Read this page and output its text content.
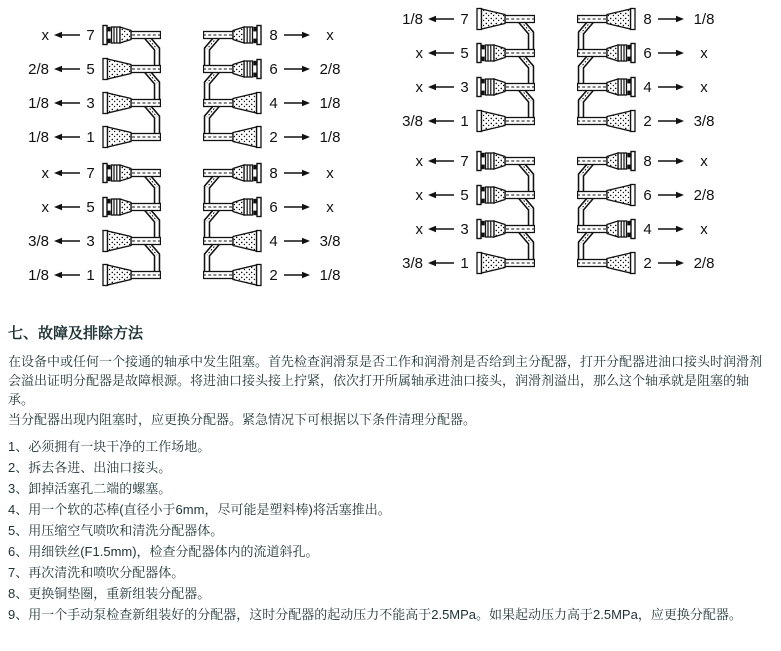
x 7
2/8 5
1/8 3
1/8 1
8	x
6	2/8
4	1/8
2	1/8
x 7
x 5
3/8 3
1/8 1
8	x
6	x
4	3/8
2	1/8
1/8 7
x 5
x 3
3/8 1
8	1/8
6	x
4	x
2	3/8
x 7
x 5
x 3
3/8 1
8	x
6	2/8
4	x
2	2/8
七、故障及排除方法

在设备中或任何一个接通的轴承中发生阻塞。首先检查润滑泵是否工作和润滑剂是否给到主分配器，打开分配器进油口接头时润滑剂会溢出证明分配器是故障根源。将进油口接头接上拧紧，依次打开所属轴承进油口接头，润滑剂溢出，那么这个轴承就是阻塞的轴承。

当分配器出现内阻塞时，应更换分配器。紧急情况下可根据以下条件清理分配器。

1、必须拥有一块干净的工作场地。
2、拆去各进、出油口接头。
3、卸掉活塞孔二端的螺塞。
4、用一个软的芯棒(直径小于6mm，尽可能是塑料棒)将活塞推出。
5、用压缩空气喷吹和清洗分配器体。
6、用细铁丝(F1.5mm)，检查分配器体内的流道斜孔。
7、再次清洗和喷吹分配器体。
8、更换铜垫圈，重新组装分配器。
9、用一个手动泵检查新组装好的分配器，这时分配器的起动压力不能高于2.5MPa。如果起动压力高于2.5MPa，应更换分配器。
